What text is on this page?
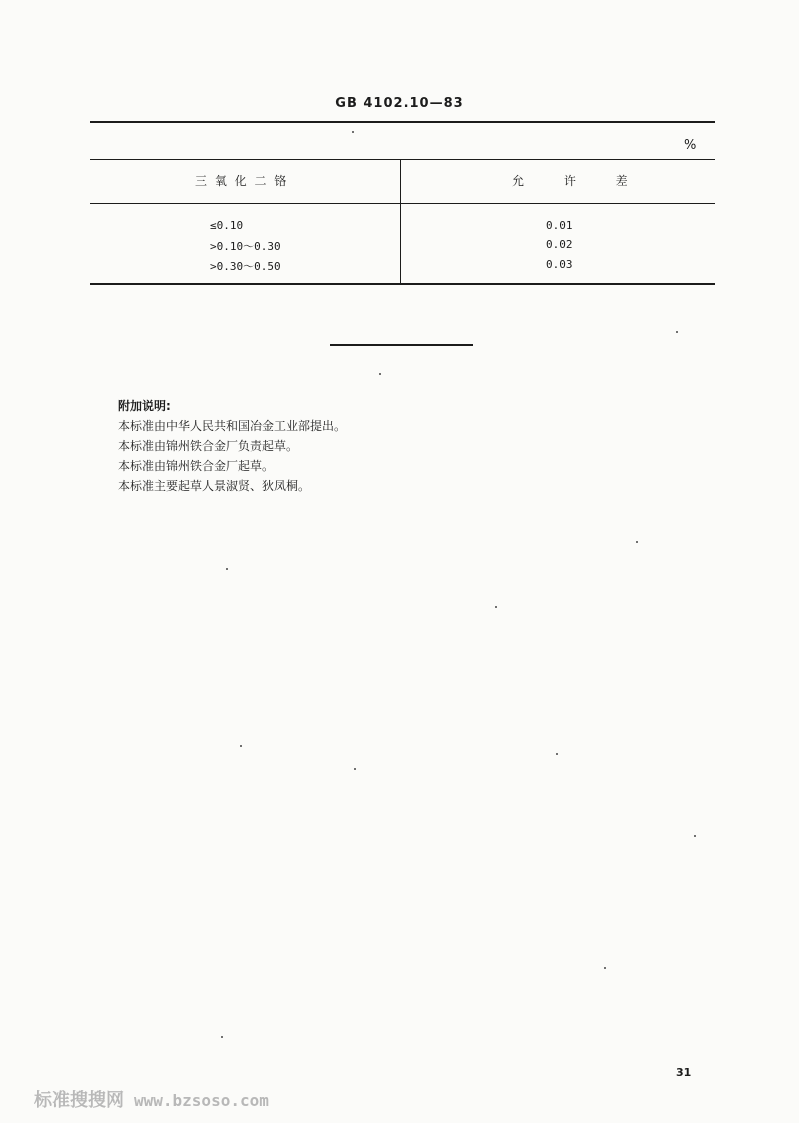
GB 4102.10—83
%
三 氧 化 二 铬	允 许 差
≤0.10	0.01
>0.10～0.30	0.02
>0.30～0.50	0.03
附加说明:
本标准由中华人民共和国冶金工业部提出。
本标准由锦州铁合金厂负责起草。
本标准由锦州铁合金厂起草。
本标准主要起草人景淑贤、狄凤桐。
31
标准搜搜网 www.bzsoso.com
